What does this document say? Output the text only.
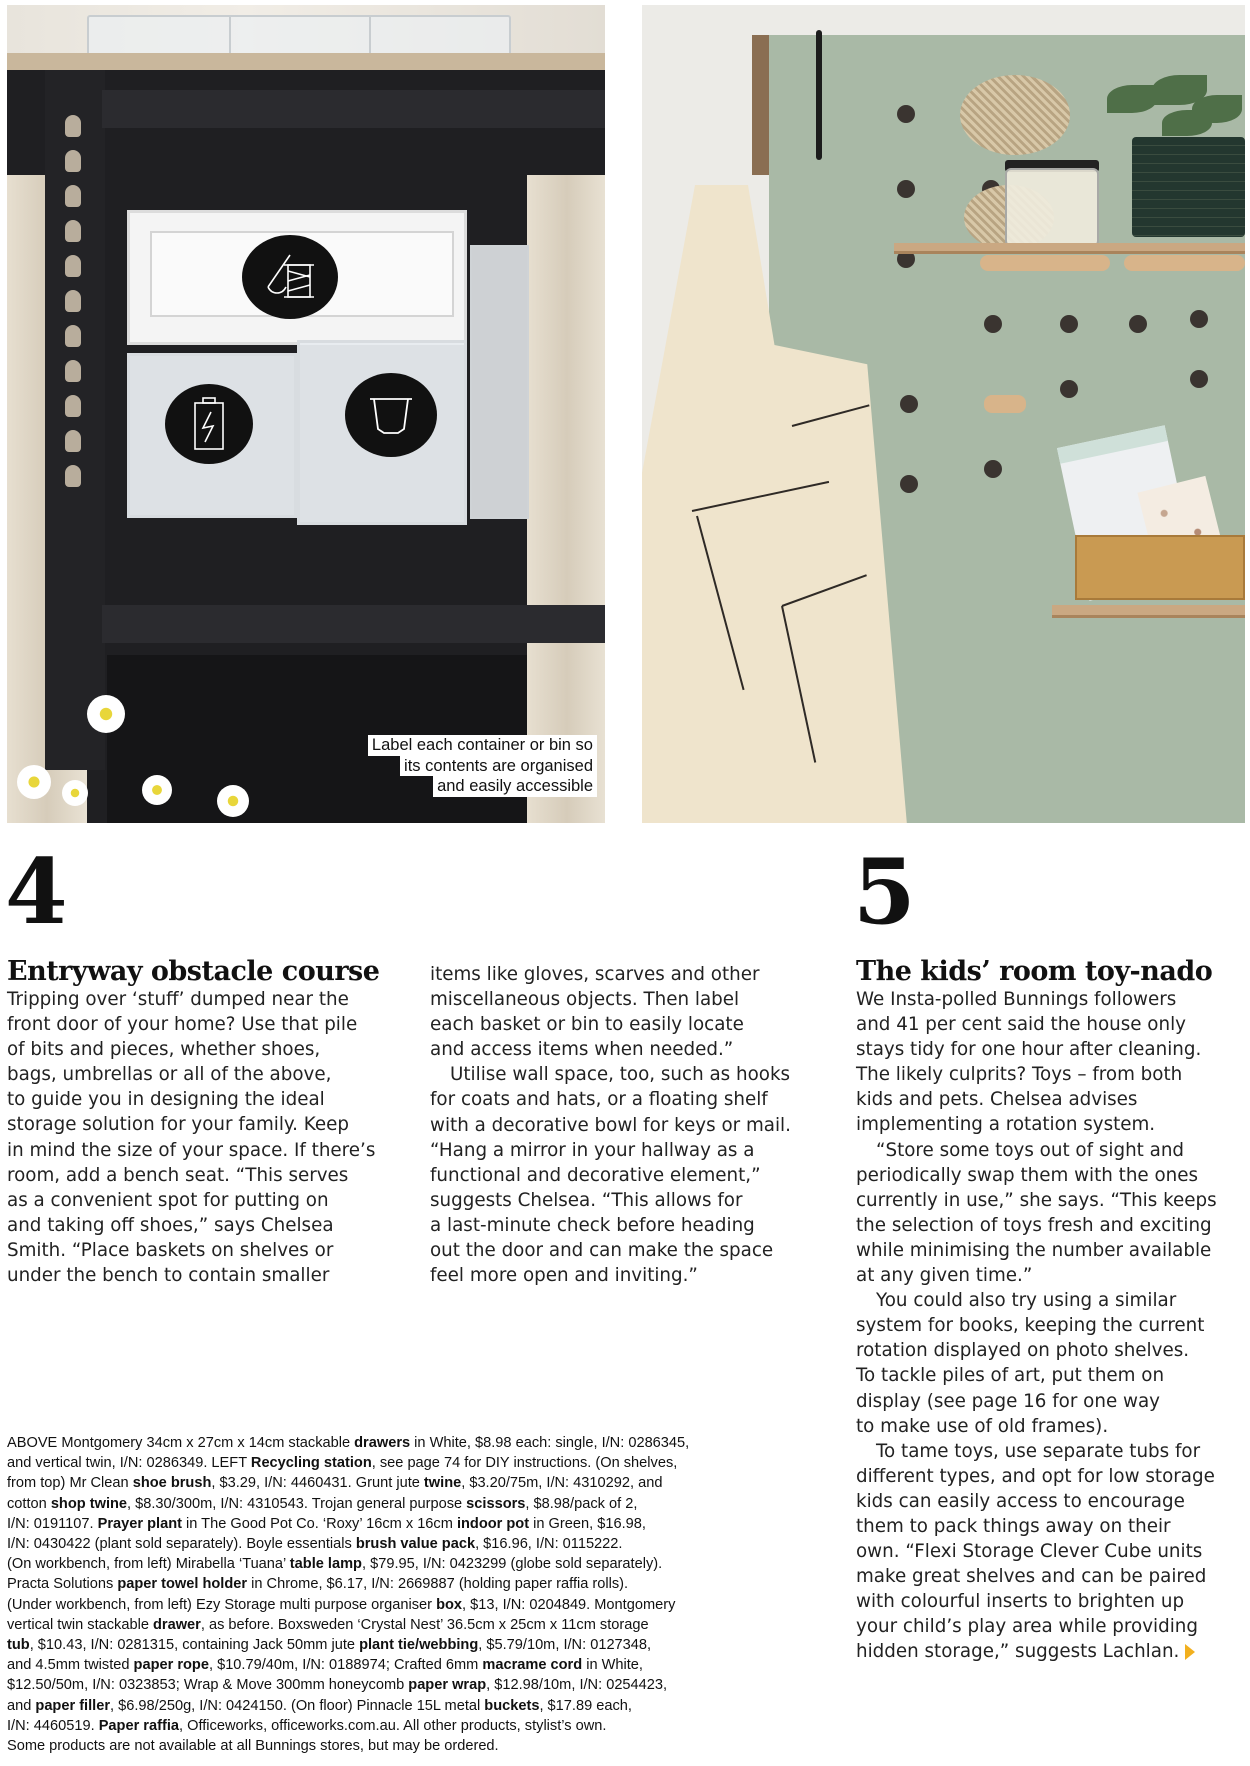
Label each container or bin so
its contents are organised
and easily accessible
4
Entryway obstacle course

Tripping over ‘stuff’ dumped near the
front door of your home? Use that pile
of bits and pieces, whether shoes,
bags, umbrellas or all of the above,
to guide you in designing the ideal
storage solution for your family. Keep
in mind the size of your space. If there’s
room, add a bench seat. “This serves
as a convenient spot for putting on
and taking off shoes,” says Chelsea
Smith. “Place baskets on shelves or
under the bench to contain smaller

items like gloves, scarves and other
miscellaneous objects. Then label
each basket or bin to easily locate
and access items when needed.”

Utilise wall space, too, such as hooks
for coats and hats, or a floating shelf
with a decorative bowl for keys or mail.
“Hang a mirror in your hallway as a
functional and decorative element,”
suggests Chelsea. “This allows for
a last-minute check before heading
out the door and can make the space
feel more open and inviting.”

5
The kids’ room toy-nado

We Insta-polled Bunnings followers
and 41 per cent said the house only
stays tidy for one hour after cleaning.
The likely culprits? Toys – from both
kids and pets. Chelsea advises
implementing a rotation system.

“Store some toys out of sight and
periodically swap them with the ones
currently in use,” she says. “This keeps
the selection of toys fresh and exciting
while minimising the number available
at any given time.”

You could also try using a similar
system for books, keeping the current
rotation displayed on photo shelves.
To tackle piles of art, put them on
display (see page 16 for one way
to make use of old frames).

To tame toys, use separate tubs for
different types, and opt for low storage
kids can easily access to encourage
them to pack things away on their
own. “Flexi Storage Clever Cube units
make great shelves and can be paired
with colourful inserts to brighten up
your child’s play area while providing
hidden storage,” suggests Lachlan.

ABOVE Montgomery 34cm x 27cm x 14cm stackable drawers in White, $8.98 each: single, I/N: 0286345,
and vertical twin, I/N: 0286349. LEFT Recycling station, see page 74 for DIY instructions. (On shelves,
from top) Mr Clean shoe brush, $3.29, I/N: 4460431. Grunt jute twine, $3.20/75m, I/N: 4310292, and
cotton shop twine, $8.30/300m, I/N: 4310543. Trojan general purpose scissors, $8.98/pack of 2,
I/N: 0191107. Prayer plant in The Good Pot Co. ‘Roxy’ 16cm x 16cm indoor pot in Green, $16.98,
I/N: 0430422 (plant sold separately). Boyle essentials brush value pack, $16.96, I/N: 0115222.
(On workbench, from left) Mirabella ‘Tuana’ table lamp, $79.95, I/N: 0423299 (globe sold separately).
Practa Solutions paper towel holder in Chrome, $6.17, I/N: 2669887 (holding paper raffia rolls).
(Under workbench, from left) Ezy Storage multi purpose organiser box, $13, I/N: 0204849. Montgomery
vertical twin stackable drawer, as before. Boxsweden ‘Crystal Nest’ 36.5cm x 25cm x 11cm storage
tub, $10.43, I/N: 0281315, containing Jack 50mm jute plant tie/webbing, $5.79/10m, I/N: 0127348,
and 4.5mm twisted paper rope, $10.79/40m, I/N: 0188974; Crafted 6mm macrame cord in White,
$12.50/50m, I/N: 0323853; Wrap & Move 300mm honeycomb paper wrap, $12.98/10m, I/N: 0254423,
and paper filler, $6.98/250g, I/N: 0424150. (On floor) Pinnacle 15L metal buckets, $17.89 each,
I/N: 4460519. Paper raffia, Officeworks, officeworks.com.au. All other products, stylist’s own.
Some products are not available at all Bunnings stores, but may be ordered.
